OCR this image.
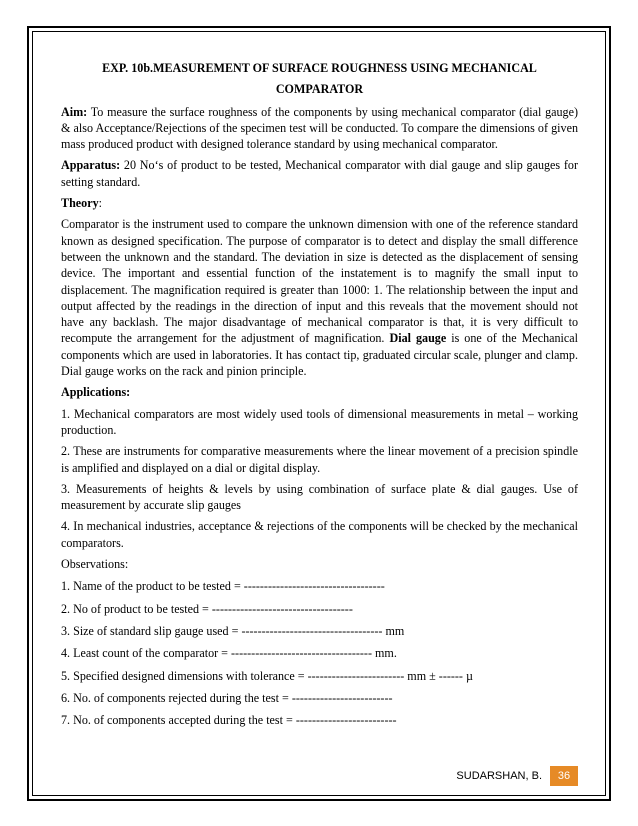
EXP. 10b.MEASUREMENT OF SURFACE ROUGHNESS USING MECHANICAL
COMPARATOR

Aim: To measure the surface roughness of the components by using mechanical comparator (dial gauge) & also Acceptance/Rejections of the specimen test will be conducted. To compare the dimensions of given mass produced product with designed tolerance standard by using mechanical comparator.

Apparatus: 20 No‘s of product to be tested, Mechanical comparator with dial gauge and slip gauges for setting standard.

Theory:

Comparator is the instrument used to compare the unknown dimension with one of the reference standard known as designed specification. The purpose of comparator is to detect and display the small difference between the unknown and the standard. The deviation in size is detected as the displacement of sensing device. The important and essential function of the instatement is to magnify the small input to displacement. The magnification required is greater than 1000: 1. The relationship between the input and output affected by the readings in the direction of input and this reveals that the movement should not have any backlash. The major disadvantage of mechanical comparator is that, it is very difficult to recompute the arrangement for the adjustment of magnification. Dial gauge is one of the Mechanical components which are used in laboratories. It has contact tip, graduated circular scale, plunger and clamp. Dial gauge works on the rack and pinion principle.

Applications:

1. Mechanical comparators are most widely used tools of dimensional measurements in metal – working production.

2. These are instruments for comparative measurements where the linear movement of a precision spindle is amplified and displayed on a dial or digital display.

3. Measurements of heights & levels by using combination of surface plate & dial gauges. Use of measurement by accurate slip gauges

4. In mechanical industries, acceptance & rejections of the components will be checked by the mechanical comparators.

Observations:

1. Name of the product to be tested = -----------------------------------

2. No of product to be tested = -----------------------------------

3. Size of standard slip gauge used = ----------------------------------- mm

4. Least count of the comparator = ----------------------------------- mm.

5. Specified designed dimensions with tolerance = ------------------------ mm ± ------ µ

6. No. of components rejected during the test = -------------------------

7. No. of components accepted during the test = -------------------------

SUDARSHAN, B.	36
